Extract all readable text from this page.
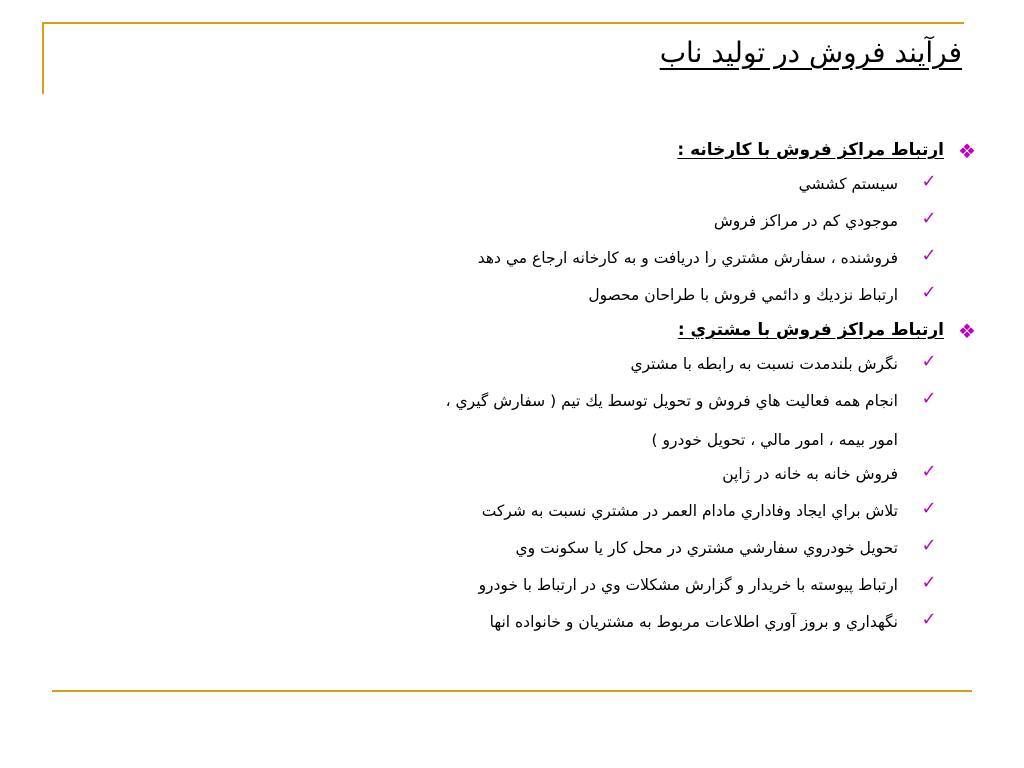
فرآيند فروش در توليد ناب
❖
ارتباط مراكز فروش با كارخانه :
✓
سيستم كششي
✓
موجودي كم در مراكز فروش
✓
فروشنده ، سفارش مشتري را دريافت و به كارخانه ارجاع مي دهد
✓
ارتباط نزديك و دائمي فروش با طراحان محصول
❖
ارتباط مراكز فروش با مشتري :
✓
نگرش بلندمدت نسبت به رابطه با مشتري
✓
انجام همه فعاليت هاي فروش و تحويل توسط يك تيم ( سفارش گيري ،
امور بيمه ، امور مالي ، تحويل خودرو )
✓
فروش خانه به خانه در ژاپن
✓
تلاش براي ايجاد وفاداري مادام العمر در مشتري نسبت به شركت
✓
تحويل خودروي سفارشي مشتري در محل كار يا سكونت وي
✓
ارتباط پيوسته با خريدار و گزارش مشكلات وي در ارتباط با خودرو
✓
نگهداري و بروز آوري اطلاعات مربوط به مشتريان و خانواده انها
